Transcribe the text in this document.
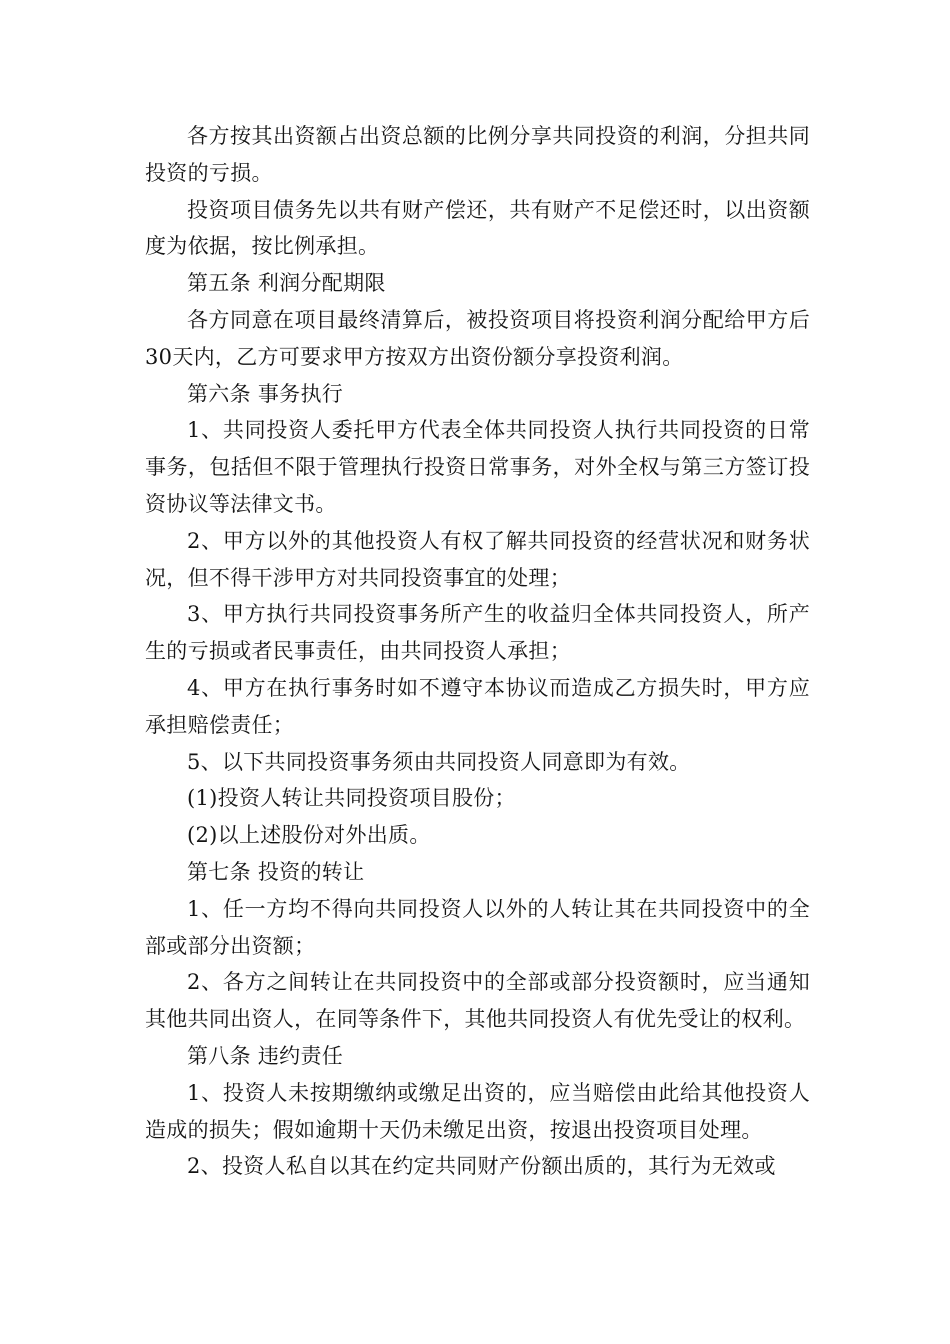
各方按其出资额占出资总额的比例分享共同投资的利润，分担共同投资的亏损。

投资项目债务先以共有财产偿还，共有财产不足偿还时，以出资额度为依据，按比例承担。

第五条 利润分配期限

各方同意在项目最终清算后，被投资项目将投资利润分配给甲方后30天内，乙方可要求甲方按双方出资份额分享投资利润。

第六条 事务执行

1、共同投资人委托甲方代表全体共同投资人执行共同投资的日常事务，包括但不限于管理执行投资日常事务，对外全权与第三方签订投资协议等法律文书。

2、甲方以外的其他投资人有权了解共同投资的经营状况和财务状况，但不得干涉甲方对共同投资事宜的处理；

3、甲方执行共同投资事务所产生的收益归全体共同投资人，所产生的亏损或者民事责任，由共同投资人承担；

4、甲方在执行事务时如不遵守本协议而造成乙方损失时，甲方应承担赔偿责任；

5、以下共同投资事务须由共同投资人同意即为有效。

(1)投资人转让共同投资项目股份；

(2)以上述股份对外出质。

第七条 投资的转让

1、任一方均不得向共同投资人以外的人转让其在共同投资中的全部或部分出资额；

2、各方之间转让在共同投资中的全部或部分投资额时，应当通知其他共同出资人，在同等条件下，其他共同投资人有优先受让的权利。

第八条 违约责任

1、投资人未按期缴纳或缴足出资的，应当赔偿由此给其他投资人造成的损失；假如逾期十天仍未缴足出资，按退出投资项目处理。

2、投资人私自以其在约定共同财产份额出质的，其行为无效或
